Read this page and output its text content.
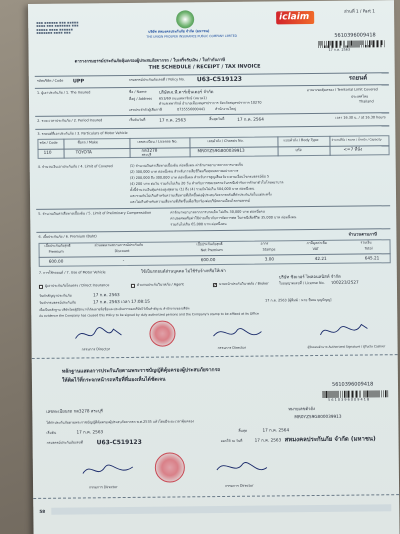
▪▪▪ ▪▪▪▪▪▪ ▪▪▪ ▪▪▪▪▪
▪▪▪▪ ▪▪▪ ▪▪▪▪▪▪▪ ▪▪▪
▪▪▪▪▪ ▪▪▪▪ ▪▪▪▪▪▪
▪▪▪▪▪▪▪ ▪▪▪▪ ▪▪▪
ส่วนที่ 1 / Part 1
iclaim
บริษัท สหมงคลประกันภัย จำกัด (มหาชน)
THE UNION PROSPER INSURANCE PUBLIC COMPANY LIMITED	5610396009418
17 ก.ค. 2563
ตารางกรมธรรม์ประกันภัยคุ้มครองผู้ประสบภัยจากรถ / ใบเสร็จรับเงิน / ใบกำกับภาษี
THE SCHEDULE / RECEIPT / TAX INVOICE
รหัสบริษัท / Code UPP	กรมธรรม์ประกันภัยเลขที่ / Policy No. U63-C519123	รถยนต์
1. ผู้เอาประกันภัย / 1. The Insured	ชื่อ / Name	บริษัทเจ.พี.คาร์เซ็นเตอร์ จำกัด
ที่อยู่ / Address 653/69 ถนนเทพารักษ์ (หมวด1)
ตำบลเทพารักษ์ อำเภอเมืองสมุทรปราการ จังหวัดสมุทรปราการ 10270
เลขประจำตัวผู้เสียภาษี	0735556000441	สำนักงานใหญ่
อาณาเขตคุ้มครอง / Territorial Limit Covered
ประเทศไทย
Thailand
2. ระยะเวลาประกันภัย / 2. Period Insured	เริ่มต้นวันที่	17 ก.ค. 2563	สิ้นสุดวันที่	17 ก.ค. 2564	เวลา 16.30 น. / at 16.30 hours
3. รถยนต์ที่เอาประกันภัย / 3. Particulars of Motor Vehicle
รหัส / Code	ชื่อรถ / Make	เลขทะเบียน / License No.	เลขตัวถัง / Chassis No.	แบบตัวถัง / Body Type	จำนวนที่นั่ง / ขนาด / น้ำหนัก / Capacity
110	TOYOTA	กต3278
สระบุรี
MR0YZ59G800039913	เก๋ง	<=7 ที่นั่ง
4. จำนวนเงินเอาประกันภัย / 4. Limit of Covered	(1) จำนวนเงินค่าเสียหายเบื้องต้น ต่อหนึ่งคน ค่ารักษาพยาบาลจากการบาดเจ็บ
(2) 300,000 บาท ต่อหนึ่งคน สำหรับการเสียชีวิตหรือทุพพลภาพอย่างถาวร
(3) 200,000 ถึง 300,000 บาท ต่อหนึ่งคน สำหรับการสูญเสียอวัยวะตามเงื่อนไขกรมธรรม์ข้อ 5
(4) 200 บาท ต่อวัน รวมกันไม่เกิน 20 วัน สำหรับการชดเชยรายวันกรณีเข้ารับการรักษาตัวในโรงพยาบาล
ทั้งนี้จำนวนเงินคุ้มครองสูงสุดตาม (1) ถึง (4) รวมกันไม่เกิน 504,000 บาท ต่อหนึ่งคน
และรวมกันไม่เกินสำหรับความเสียหายที่เกิดขึ้นต่อผู้ประสบภัยจากรถคันที่ทำประกันภัยในแต่ละครั้ง
และไม่เกินสำหรับความเสียหายที่เกิดขึ้นเพื่อเรียกร้องต่อบริษัทตามเงื่อนไขกรมธรรม์
5. จำนวนเงินค่าเสียหายเบื้องต้น / 5. Limit of Preliminary Compensation	ค่ารักษาพยาบาลจากการบาดเจ็บ ไม่เกิน 30,000 บาท ต่อหนึ่งคน
ค่าปลงศพหรือค่าใช้จ่ายเกี่ยวกับการจัดการศพ ในกรณีเสียชีวิต 35,000 บาท ต่อหนึ่งคน
รวมกันไม่เกิน 65,000 บาท ต่อหนึ่งคน
6. เบี้ยประกันภัย / 6. Premium (Baht)	จำนวนตามภาษี
เบี้ยประกันภัยสุทธิ	ส่วนลดตามสถานการณ์ประกันภัย	เบี้ยประกันภัยสุทธิ	อากร	ภาษีมูลค่าเพิ่ม	รวมเงิน
Premium	Discount	Net Premium	Stamps	VAT	Total
600.00	-	600.00	3.00	42.21	645.21
7. การใช้รถยนต์ / 7. Use of Motor Vehicle	ใช้เป็นรถยนต์ส่วนบุคคล ไม่ใช้รับจ้างหรือให้เช่า
ผู้เอาประกันภัยโดยตรง / Direct Insurance	ตัวแทนประกันวินาศภัย / Agent
✓	นายหน้าประกันวินาศภัย / Broker
บริษัท ซิลเวอร์ ไพลอนลนิสท์ จำกัด
ใบอนุญาตเลขที่ / License No. ว00223/2527
วันทำสัญญาประกันภัย	17 ก.ค. 2563
วันทำกรมธรรม์ประกันภัย	17 ก.ค. 2563 เวลา 17:08:15	17 ก.ค. 2563 [ผู้พิมพ์ : นาย ชิษณ บุญปัญญ]
เพื่อเป็นหลักฐาน บริษัทโดยผู้มีอำนาจได้ลงลายมือชื่อและประทับตราของบริษัทไว้เป็นสำคัญ ณ สำนักงานของบริษัท
As evidence the Company has caused this Policy to be signed by duly authorized persons and the Company's stamp to be affixed at its Office
กรรมการ Director	กรรมการ Director	ผู้รับมอบอำนาจ Authorized Signature / ผู้รับเงิน Cashier
หลักฐานแสดงการประกันภัยตามพระราชบัญญัติคุ้มครองผู้ประสบภัยจากรถ
ให้ติดไว้ที่กระจกหน้ารถหรือที่ที่มองเห็นได้ชัดเจน
5610396009418
5 6 1 0 3 9 6 0 0 9 4 1 8
เลขทะเบียนรถ กต3278 สระบุรี	หมายเลขตัวถัง
MR0YZ59G800039913
ได้ทำประกันภัยตามพระราชบัญญัติคุ้มครองผู้ประสบภัยจากรถ พ.ศ.2535 แล้วโดยมีระยะเวลาคุ้มครอง
เริ่มต้น	17 ก.ค. 2563	สิ้นสุด	17 ก.ค. 2564
กรมธรรม์ประกันภัยเลขที่ U63-C519123	ออกให้ ณ วันที่	17 ก.ค. 2563 สหมงคลประกันภัย จำกัด (มหาชน)
กรรมการ Director	กรรมการ Director
58
